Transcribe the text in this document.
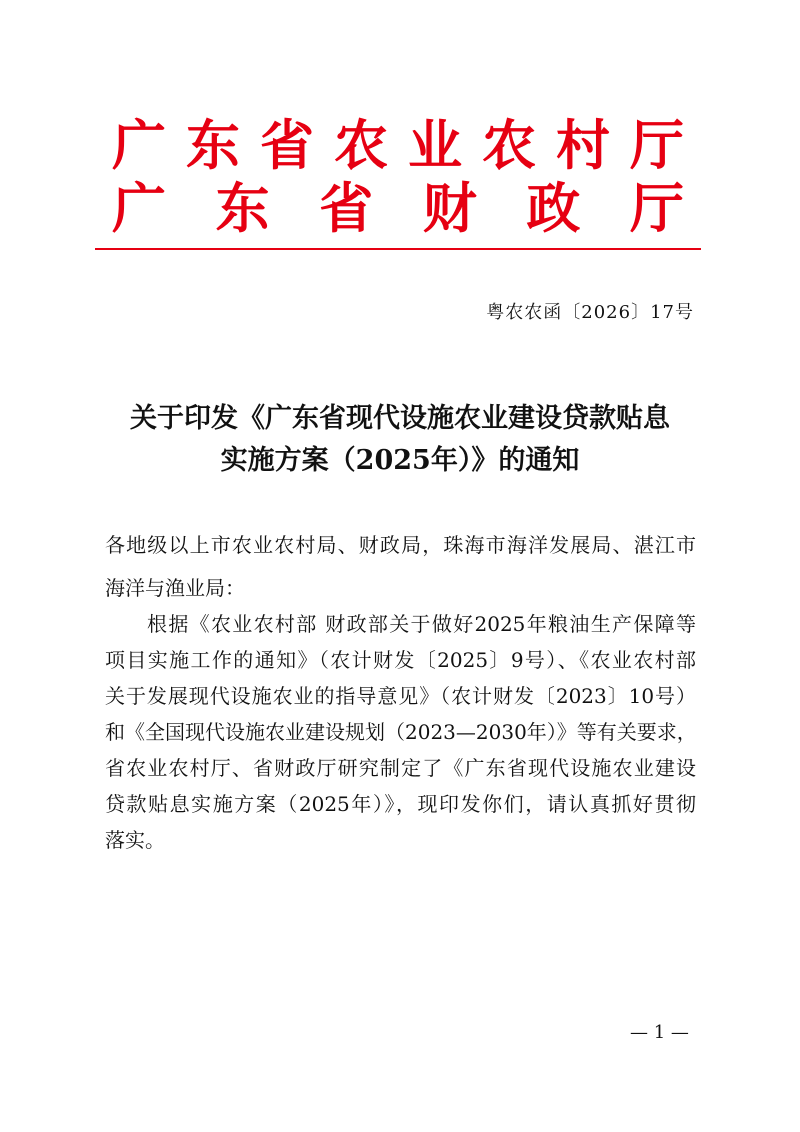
广东省农业农村厅
广东省财政厅
粤农农函〔2026〕17号
关于印发《广东省现代设施农业建设贷款贴息
实施方案（2025年）》的通知
各地级以上市农业农村局、财政局，珠海市海洋发展局、湛江市
海洋与渔业局：
根据《农业农村部 财政部关于做好2025年粮油生产保障等
项目实施工作的通知》（农计财发〔2025〕9号）、《农业农村部
关于发展现代设施农业的指导意见》（农计财发〔2023〕10号）
和《全国现代设施农业建设规划（2023—2030年）》等有关要求，
省农业农村厅、省财政厅研究制定了《广东省现代设施农业建设
贷款贴息实施方案（2025年）》，现印发你们，请认真抓好贯彻
落实。
— 1 —
